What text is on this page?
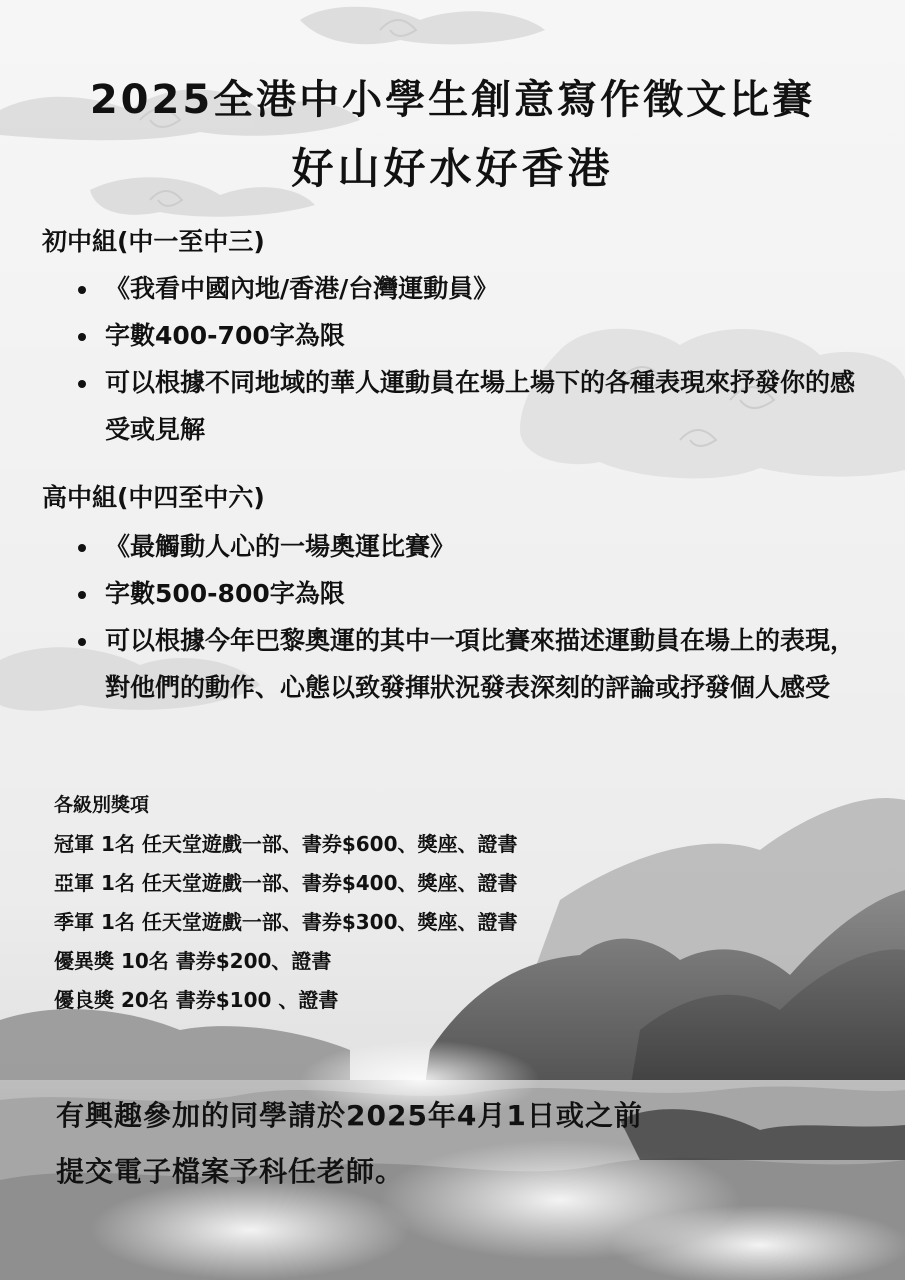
2025全港中小學生創意寫作徵文比賽
好山好水好香港
初中組(中一至中三)
《我看中國內地/香港/台灣運動員》
字數400-700字為限
可以根據不同地域的華人運動員在場上場下的各種表現來抒發你的感受或見解
高中組(中四至中六)
《最觸動人心的一場奧運比賽》
字數500-800字為限
可以根據今年巴黎奧運的其中一項比賽來描述運動員在場上的表現，對他們的動作、心態以致發揮狀況發表深刻的評論或抒發個人感受
各級別獎項
冠軍 1名 任天堂遊戲一部、書券$600、獎座、證書
亞軍 1名 任天堂遊戲一部、書券$400、獎座、證書
季軍 1名 任天堂遊戲一部、書券$300、獎座、證書
優異獎 10名 書券$200、證書
優良獎 20名 書券$100 、證書
有興趣參加的同學請於2025年4月1日或之前
提交電子檔案予科任老師。
